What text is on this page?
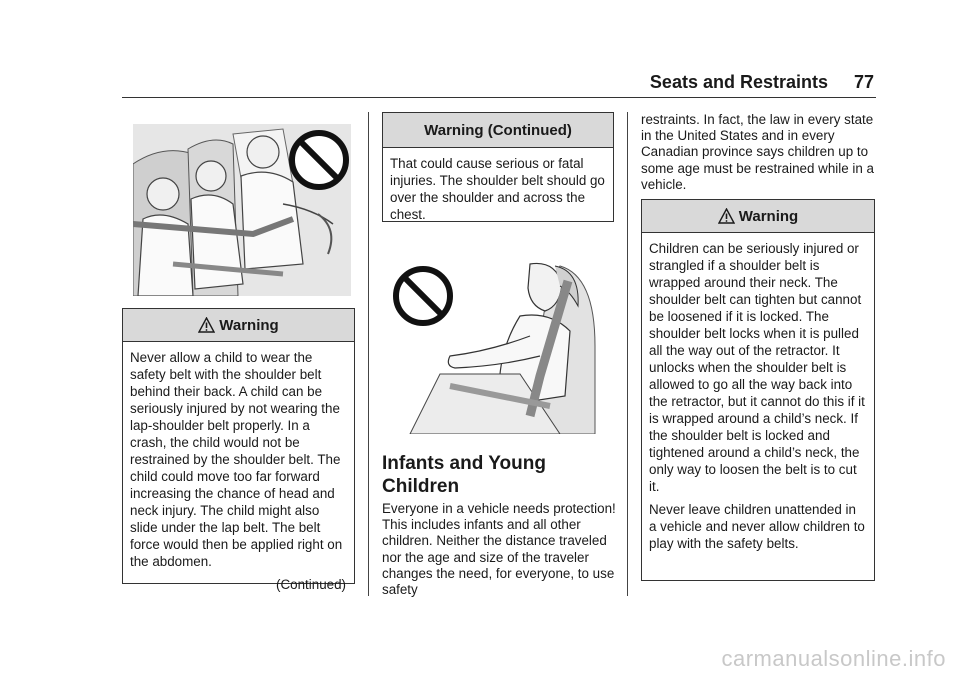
Seats and Restraints 77
Warning

Never allow a child to wear the safety belt with the shoulder belt behind their back. A child can be seriously injured by not wearing the lap-shoulder belt properly. In a crash, the child would not be restrained by the shoulder belt. The child could move too far forward increasing the chance of head and neck injury. The child might also slide under the lap belt. The belt force would then be applied right on the abdomen.

(Continued)
Warning (Continued)

That could cause serious or fatal injuries. The shoulder belt should go over the shoulder and across the chest.

Infants and Young Children
Everyone in a vehicle needs protection! This includes infants and all other children. Neither the distance traveled nor the age and size of the traveler changes the need, for everyone, to use safety
restraints. In fact, the law in every state in the United States and in every Canadian province says children up to some age must be restrained while in a vehicle.
Warning

Children can be seriously injured or strangled if a shoulder belt is wrapped around their neck. The shoulder belt can tighten but cannot be loosened if it is locked. The shoulder belt locks when it is pulled all the way out of the retractor. It unlocks when the shoulder belt is allowed to go all the way back into the retractor, but it cannot do this if it is wrapped around a child’s neck. If the shoulder belt is locked and tightened around a child’s neck, the only way to loosen the belt is to cut it.

Never leave children unattended in a vehicle and never allow children to play with the safety belts.

carmanualsonline.info
